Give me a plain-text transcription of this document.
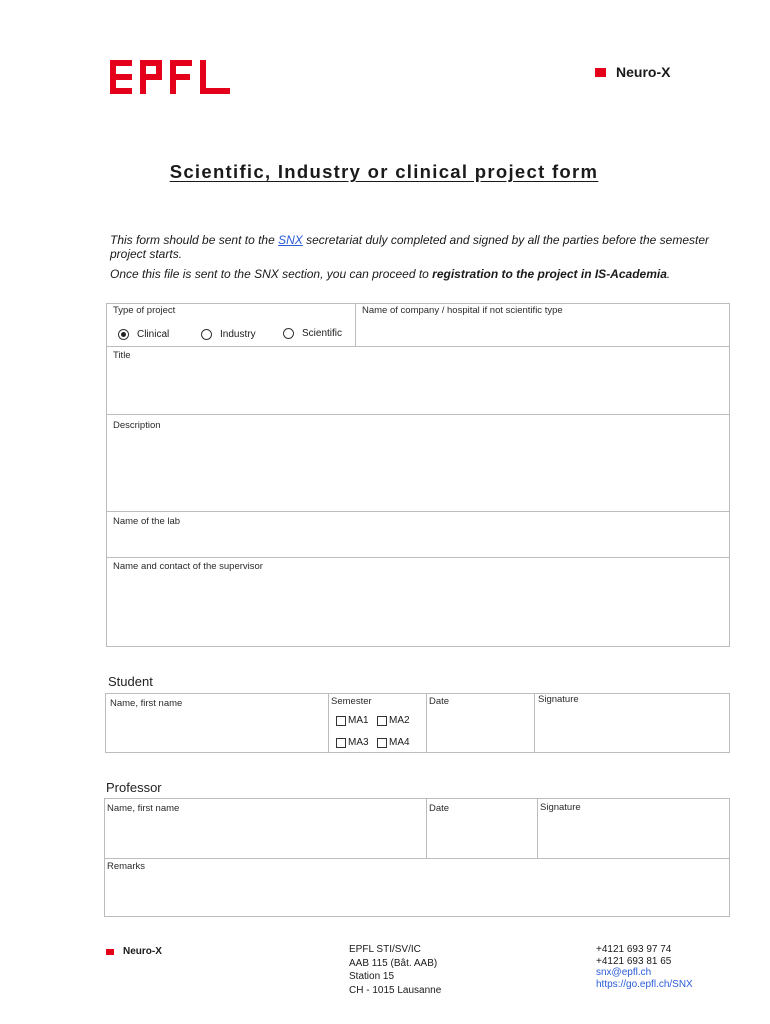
Neuro-X
Scientific, Industry or clinical project form
This form should be sent to the SNX secretariat duly completed and signed by all the parties before the semester project starts.
Once this file is sent to the SNX section, you can proceed to registration to the project in IS-Academia.
Type of project	Name of company / hospital if not scientific type
Clinical	Industry	Scientific
Title
Description
Name of the lab
Name and contact of the supervisor
Student
Name, first name	Semester	Date	Signature
MA1 MA2
MA3 MA4
Professor
Name, first name	Date	Signature
Remarks
Neuro-X	EPFL STI/SV/IC
AAB 115 (Bât. AAB)
Station 15
CH - 1015 Lausanne
+4121 693 97 74
+4121 693 81 65
snx@epfl.ch
https://go.epfl.ch/SNX
